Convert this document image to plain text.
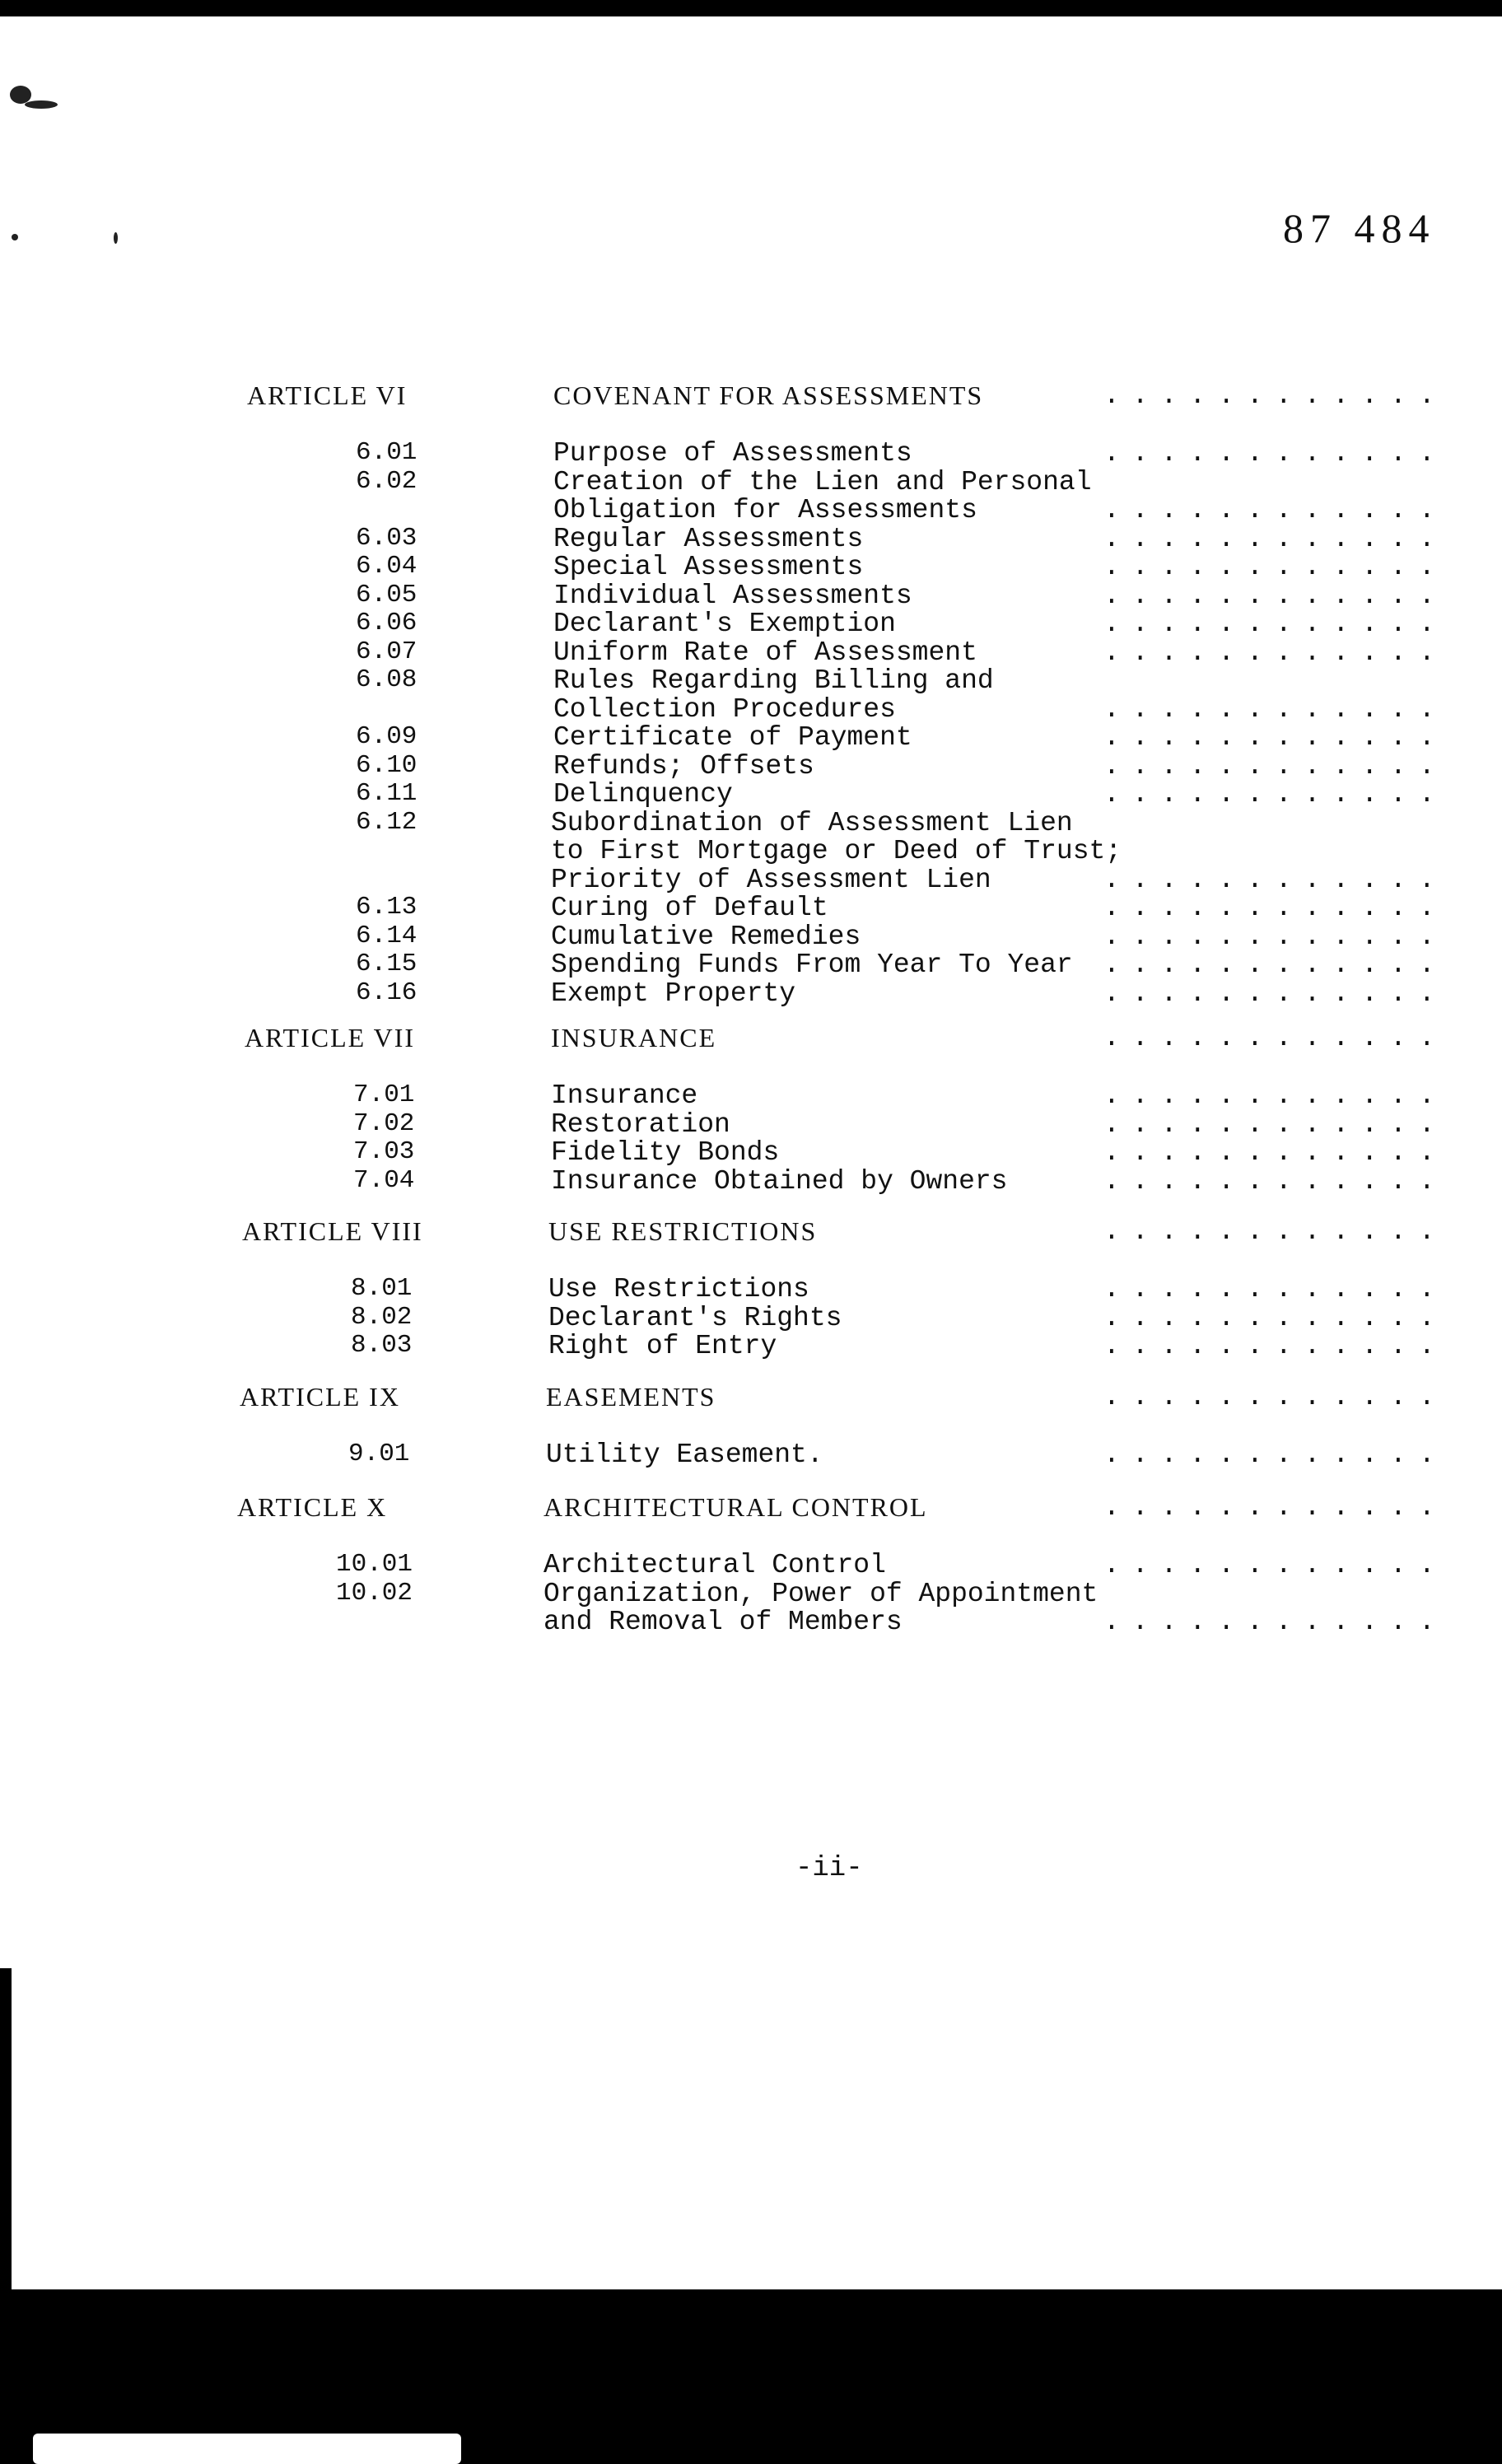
87 484
ARTICLE VI	COVENANT FOR ASSESSMENTS	............
6.01	Purpose of Assessments	............
6.02	Creation of the Lien and Personal
Obligation for Assessments	............
6.03	Regular Assessments	............
6.04	Special Assessments	............
6.05	Individual Assessments	............
6.06	Declarant's Exemption	............
6.07	Uniform Rate of Assessment	............
6.08	Rules Regarding Billing and
Collection Procedures	............
6.09	Certificate of Payment	............
6.10	Refunds; Offsets	............
6.11	Delinquency	............
6.12	Subordination of Assessment Lien
to First Mortgage or Deed of Trust;
Priority of Assessment Lien	............
6.13	Curing of Default	............
6.14	Cumulative Remedies	............
6.15	Spending Funds From Year To Year ............
6.16	Exempt Property	............
ARTICLE VII	INSURANCE	............
7.01	Insurance	............
7.02	Restoration	............
7.03	Fidelity Bonds	............
7.04	Insurance Obtained by Owners	............
ARTICLE VIII	USE RESTRICTIONS	............
8.01	Use Restrictions	............
8.02	Declarant's Rights	............
8.03	Right of Entry	............
ARTICLE IX	EASEMENTS	............
9.01	Utility Easement.	............
ARTICLE X	ARCHITECTURAL CONTROL	............
10.01	Architectural Control	............
10.02	Organization, Power of Appointment
and Removal of Members	............
-ii-
